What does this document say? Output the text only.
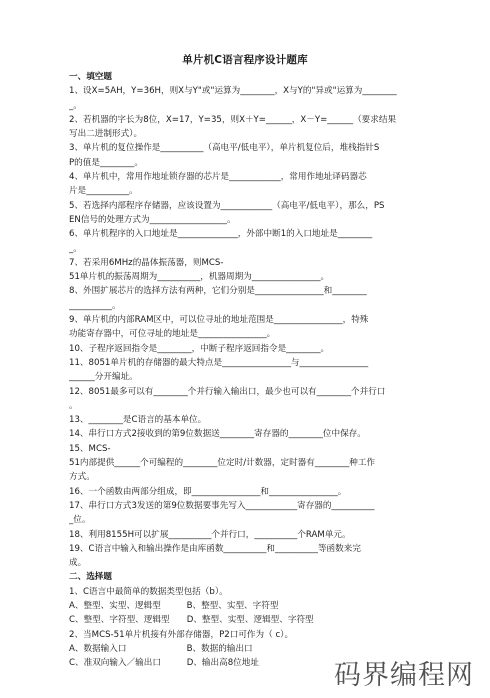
单片机C语言程序设计题库
一、填空题
1、设X=5AH，Y=36H，则X与Y"或"运算为________，X与Y的"异或"运算为________
_。
2、若机器的字长为8位，X=17，Y=35，则X＋Y=______，X－Y=______（要求结果
写出二进制形式）。
3、单片机的复位操作是__________（高电平/低电平），单片机复位后，堆栈指针S
P的值是________。
4、单片机中，常用作地址锁存器的芯片是____________，常用作地址译码器芯
片是__________。
5、若选择内部程序存储器，应该设置为____________（高电平/低电平），那么，PS
EN信号的处理方式为__________________。
6、单片机程序的入口地址是______________，外部中断1的入口地址是________
_。
7、若采用6MHz的晶体振荡器，则MCS-
51单片机的振荡周期为__________，机器周期为________________。
8、外围扩展芯片的选择方法有两种，它们分别是________________和________
__________。
9、单片机的内部RAM区中，可以位寻址的地址范围是________________，特殊
功能寄存器中，可位寻址的地址是________________。
10、子程序返回指令是________，中断子程序返回指令是________。
11、8051单片机的存储器的最大特点是________________与________________
______分开编址。
12、8051最多可以有________个并行输入输出口，最少也可以有________个并行口
。
13、________是C语言的基本单位。
14、串行口方式2接收到的第9位数据送________寄存器的________位中保存。
15、MCS-
51内部提供______个可编程的________位定时/计数器，定时器有________种工作
方式。
16、一个函数由两部分组成，即________________和________________。
17、串行口方式3发送的第9位数据要事先写入____________寄存器的__________
_位。
18、利用8155H可以扩展__________个并行口，__________个RAM单元。
19、C语言中输入和输出操作是由库函数__________和__________等函数来完
成。
二、选择题
1、C语言中最简单的数据类型包括（b）。
A、整型、实型、逻辑型　　　B、整型、实型、字符型
C、整型、字符型、逻辑型　　D、整型、实型、逻辑型、字符型
2、当MCS-51单片机接有外部存储器，P2口可作为（ c）。
A、数据输入口　　　　　　　B、数据的输出口
C、准双向输入／输出口　　　D、输出高8位地址	码界编程网
